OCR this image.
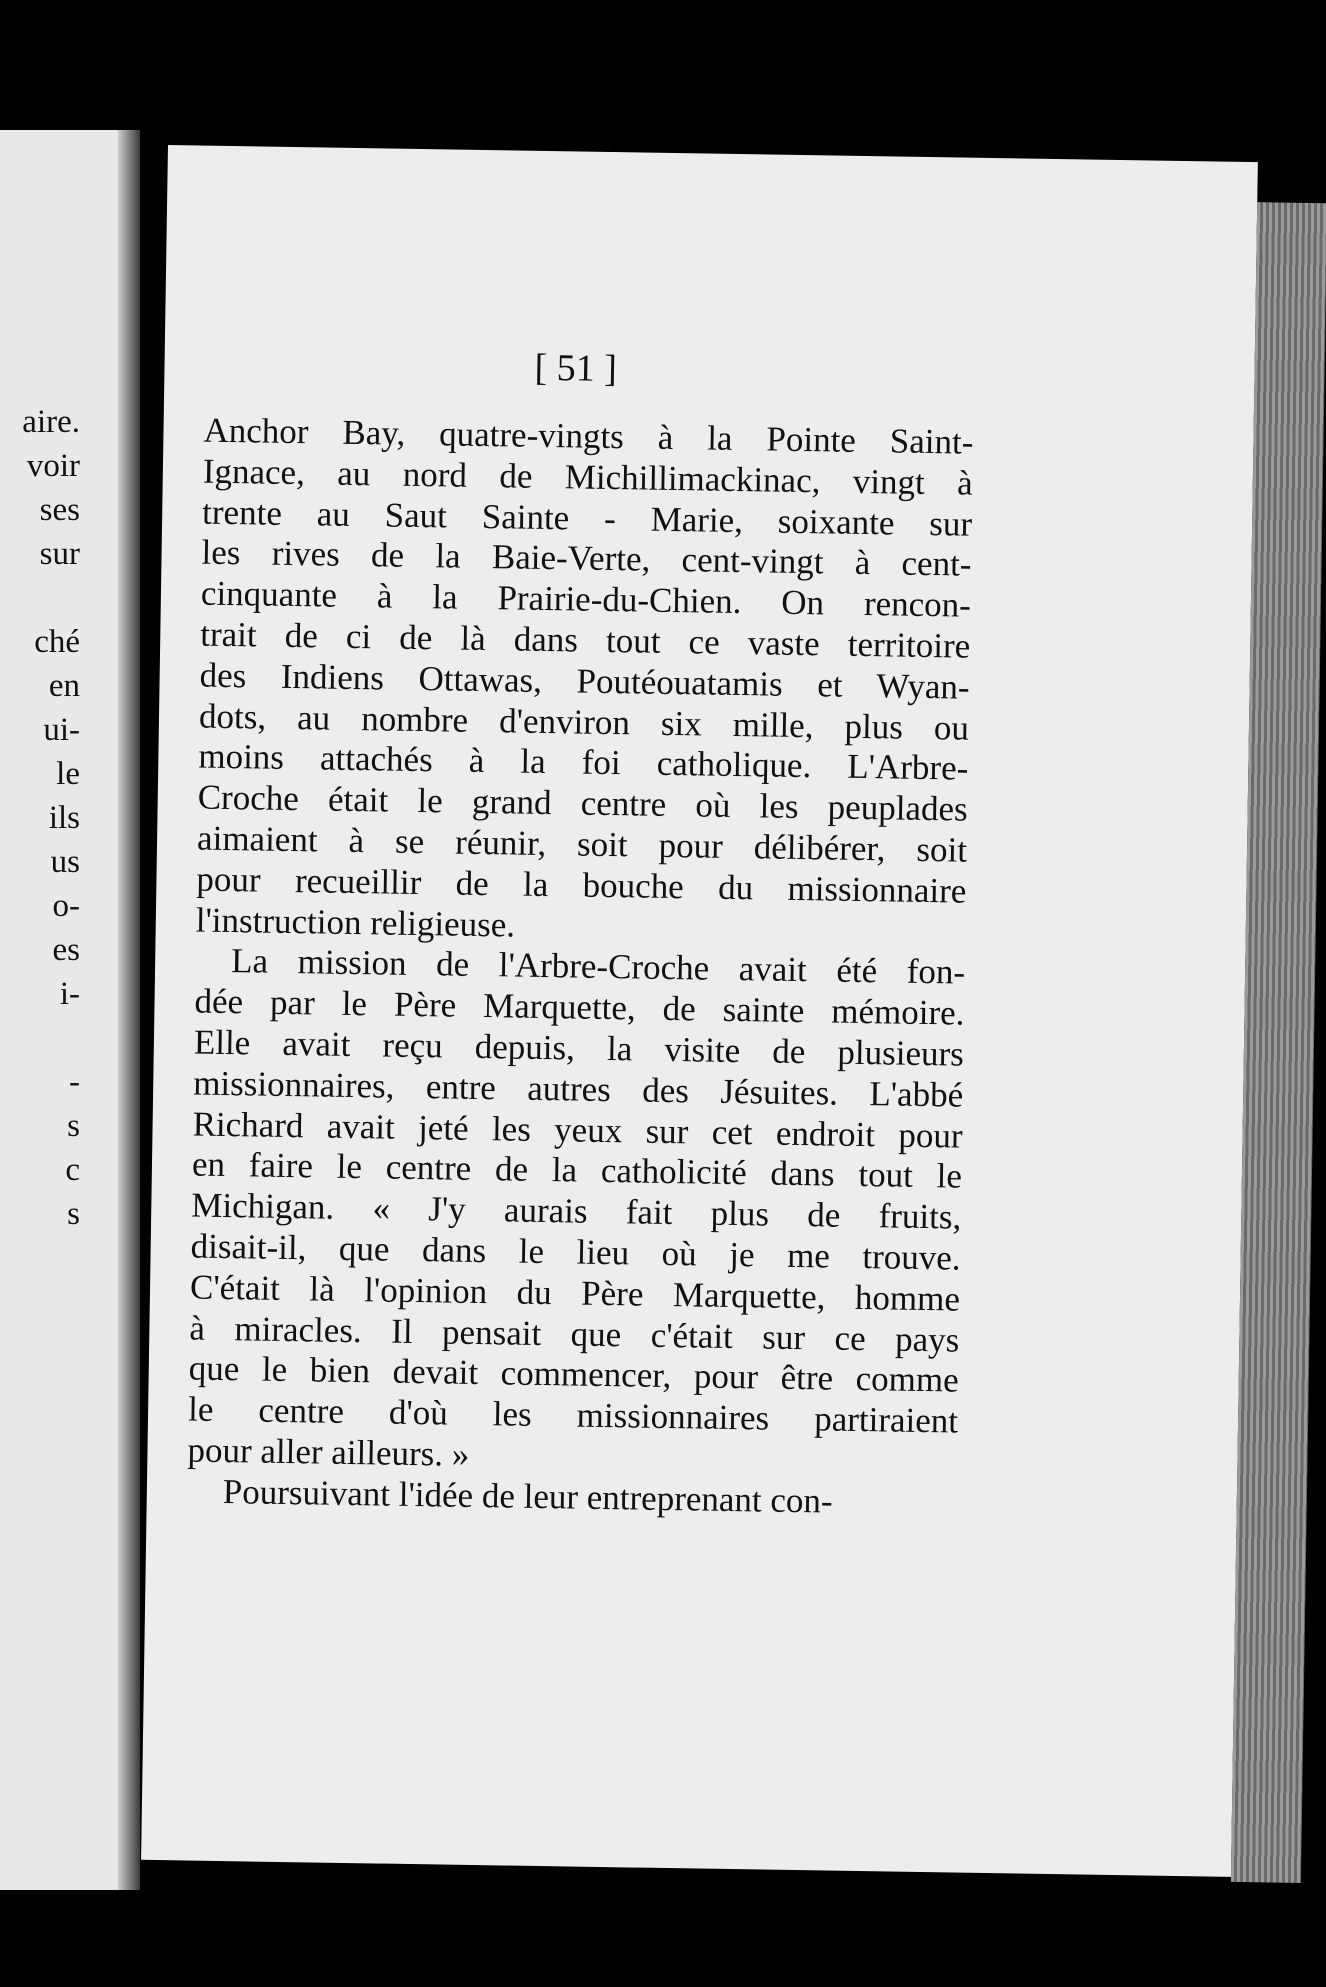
aire.
voir
ses
sur
ché
en
ui-
le
ils
us
o-
es
i-
-
s
c
s
[ 51 ]

Anchor Bay, quatre-vingts à la Pointe Saint-
Ignace, au nord de Michillimackinac, vingt à
trente au Saut Sainte - Marie, soixante sur
les rives de la Baie-Verte, cent-vingt à cent-
cinquante à la Prairie-du-Chien. On rencon-
trait de ci de là dans tout ce vaste territoire
des Indiens Ottawas, Poutéouatamis et Wyan-
dots, au nombre d'environ six mille, plus ou
moins attachés à la foi catholique. L'Arbre-
Croche était le grand centre où les peuplades
aimaient à se réunir, soit pour délibérer, soit
pour recueillir de la bouche du missionnaire
l'instruction religieuse.

La mission de l'Arbre-Croche avait été fon-
dée par le Père Marquette, de sainte mémoire.
Elle avait reçu depuis, la visite de plusieurs
missionnaires, entre autres des Jésuites. L'abbé
Richard avait jeté les yeux sur cet endroit pour
en faire le centre de la catholicité dans tout le
Michigan. « J'y aurais fait plus de fruits,
disait-il, que dans le lieu où je me trouve.
C'était là l'opinion du Père Marquette, homme
à miracles. Il pensait que c'était sur ce pays
que le bien devait commencer, pour être comme
le centre d'où les missionnaires partiraient
pour aller ailleurs. »

Poursuivant l'idée de leur entreprenant con-
